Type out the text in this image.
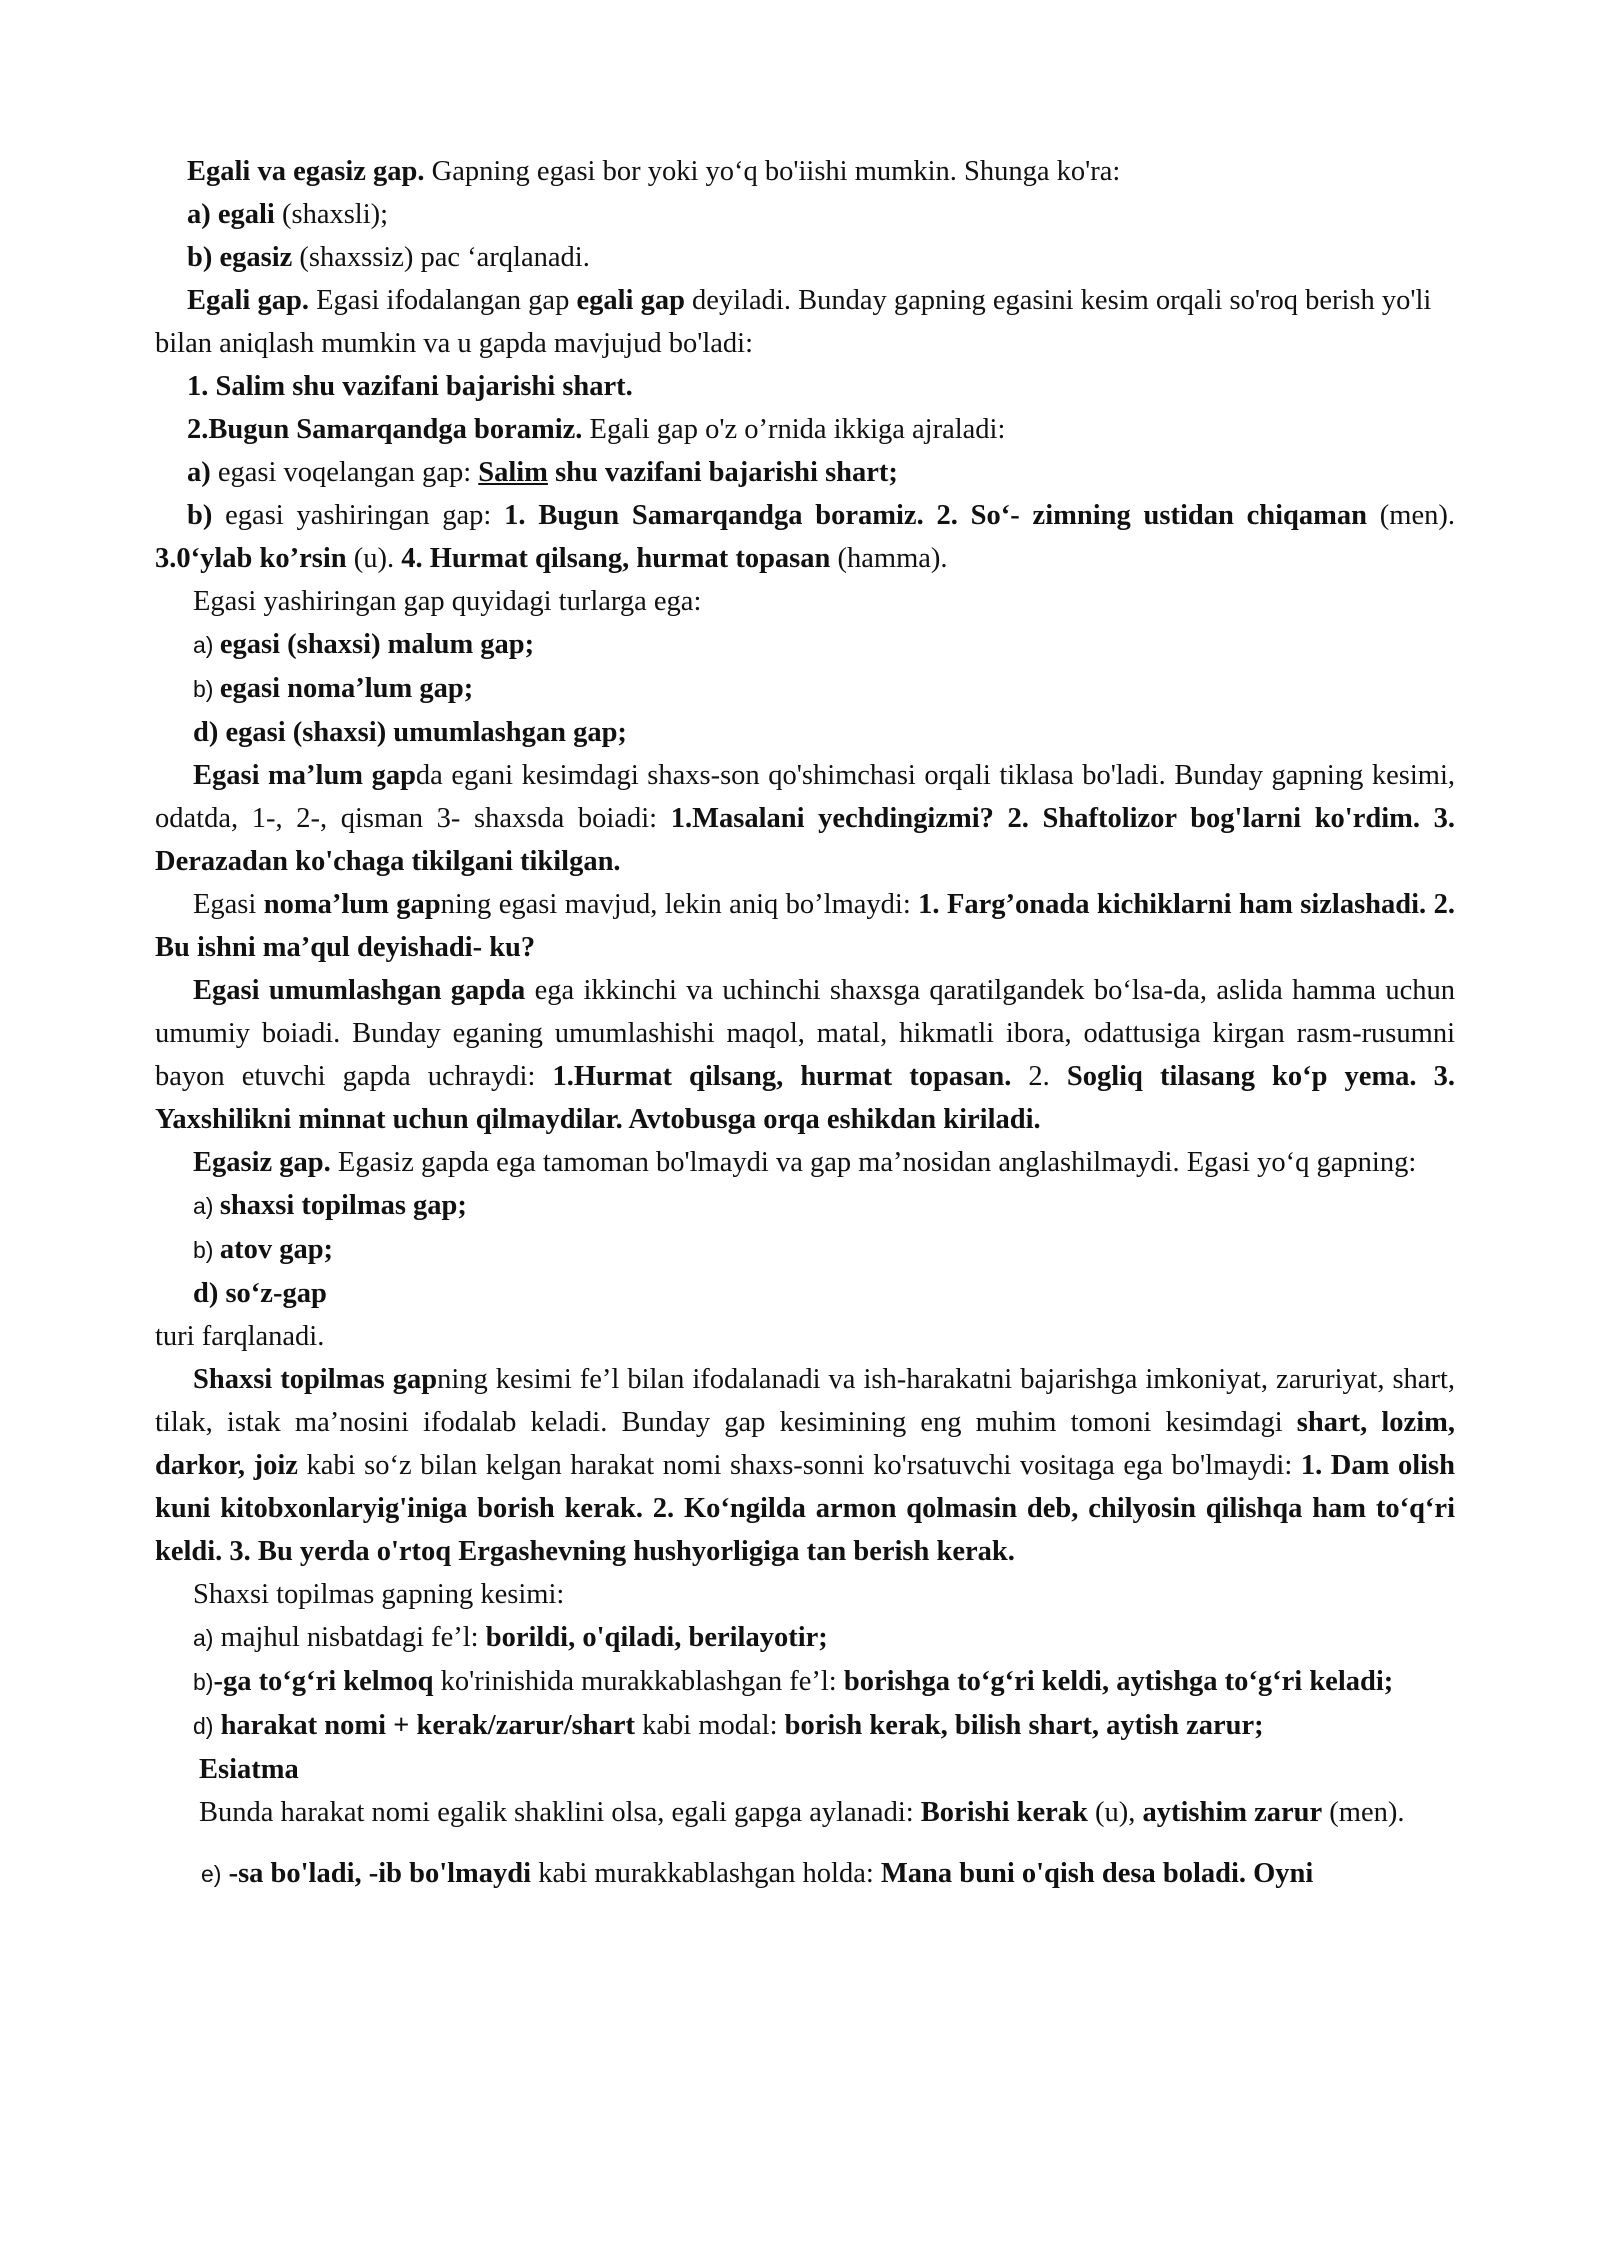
Egali va egasiz gap. Gapning egasi bor yoki yo‘q bo'iishi mumkin. Shunga ko'ra:

a) egali (shaxsli);

b) egasiz (shaxssiz) pac ‘arqlanadi.

Egali gap. Egasi ifodalangan gap egali gap deyiladi. Bunday gapning egasini kesim orqali so'roq berish yo'li bilan aniqlash mumkin va u gapda mavjujud bo'ladi:

1. Salim shu vazifani bajarishi shart.

2.Bugun Samarqandga boramiz. Egali gap o'z o’rnida ikkiga ajraladi:

a) egasi voqelangan gap: Salim shu vazifani bajarishi shart;

b) egasi yashiringan gap: 1. Bugun Samarqandga boramiz. 2. So‘- zimning ustidan chiqaman (men). 3.0‘ylab ko’rsin (u). 4. Hurmat qilsang, hurmat topasan (hamma).

Egasi yashiringan gap quyidagi turlarga ega:

a) egasi (shaxsi) malum gap;

b) egasi noma’lum gap;

d) egasi (shaxsi) umumlashgan gap;

Egasi ma’lum gapda egani kesimdagi shaxs-son qo'shimchasi orqali tiklasa bo'ladi. Bunday gapning kesimi, odatda, 1-, 2-, qisman 3- shaxsda boiadi: 1.Masalani yechdingizmi? 2. Shaftolizor bog'larni ko'rdim. 3. Derazadan ko'chaga tikilgani tikilgan.

Egasi noma’lum gapning egasi mavjud, lekin aniq bo’lmaydi: 1. Farg’onada kichiklarni ham sizlashadi. 2. Bu ishni ma’qul deyishadi- ku?

Egasi umumlashgan gapda ega ikkinchi va uchinchi shaxsga qaratilgandek bo‘lsa-da, aslida hamma uchun umumiy boiadi. Bunday eganing umumlashishi maqol, matal, hikmatli ibora, odattusiga kirgan rasm-rusumni bayon etuvchi gapda uchraydi: 1.Hurmat qilsang, hurmat topasan. 2. Sogliq tilasang ko‘p yema. 3. Yaxshilikni minnat uchun qilmaydilar. Avtobusga orqa eshikdan kiriladi.

Egasiz gap. Egasiz gapda ega tamoman bo'lmaydi va gap ma’nosidan anglashilmaydi. Egasi yo‘q gapning:

a) shaxsi topilmas gap;

b) atov gap;

d) so‘z-gap

turi farqlanadi.

Shaxsi topilmas gapning kesimi fe’l bilan ifodalanadi va ish-harakatni bajarishga imkoniyat, zaruriyat, shart, tilak, istak ma’nosini ifodalab keladi. Bunday gap kesimining eng muhim tomoni kesimdagi shart, lozim, darkor, joiz kabi so‘z bilan kelgan harakat nomi shaxs-sonni ko'rsatuvchi vositaga ega bo'lmaydi: 1. Dam olish kuni kitobxonlaryig'iniga borish kerak. 2. Ko‘ngilda armon qolmasin deb, chilyosin qilishqa ham to‘q‘ri keldi. 3. Bu yerda o'rtoq Ergashevning hushyorligiga tan berish kerak.

Shaxsi topilmas gapning kesimi:

a) majhul nisbatdagi fe’l: borildi, o'qiladi, berilayotir;

b)-ga to‘g‘ri kelmoq ko'rinishida murakkablashgan fe’l: borishga to‘g‘ri keldi, aytishga to‘g‘ri keladi;

d) harakat nomi + kerak/zarur/shart kabi modal: borish kerak, bilish shart, aytish zarur;

Esiatma

Bunda harakat nomi egalik shaklini olsa, egali gapga aylanadi: Borishi kerak (u), aytishim zarur (men).

e) -sa bo'ladi, -ib bo'lmaydi kabi murakkablashgan holda: Mana buni o'qish desa boladi. Oyni
